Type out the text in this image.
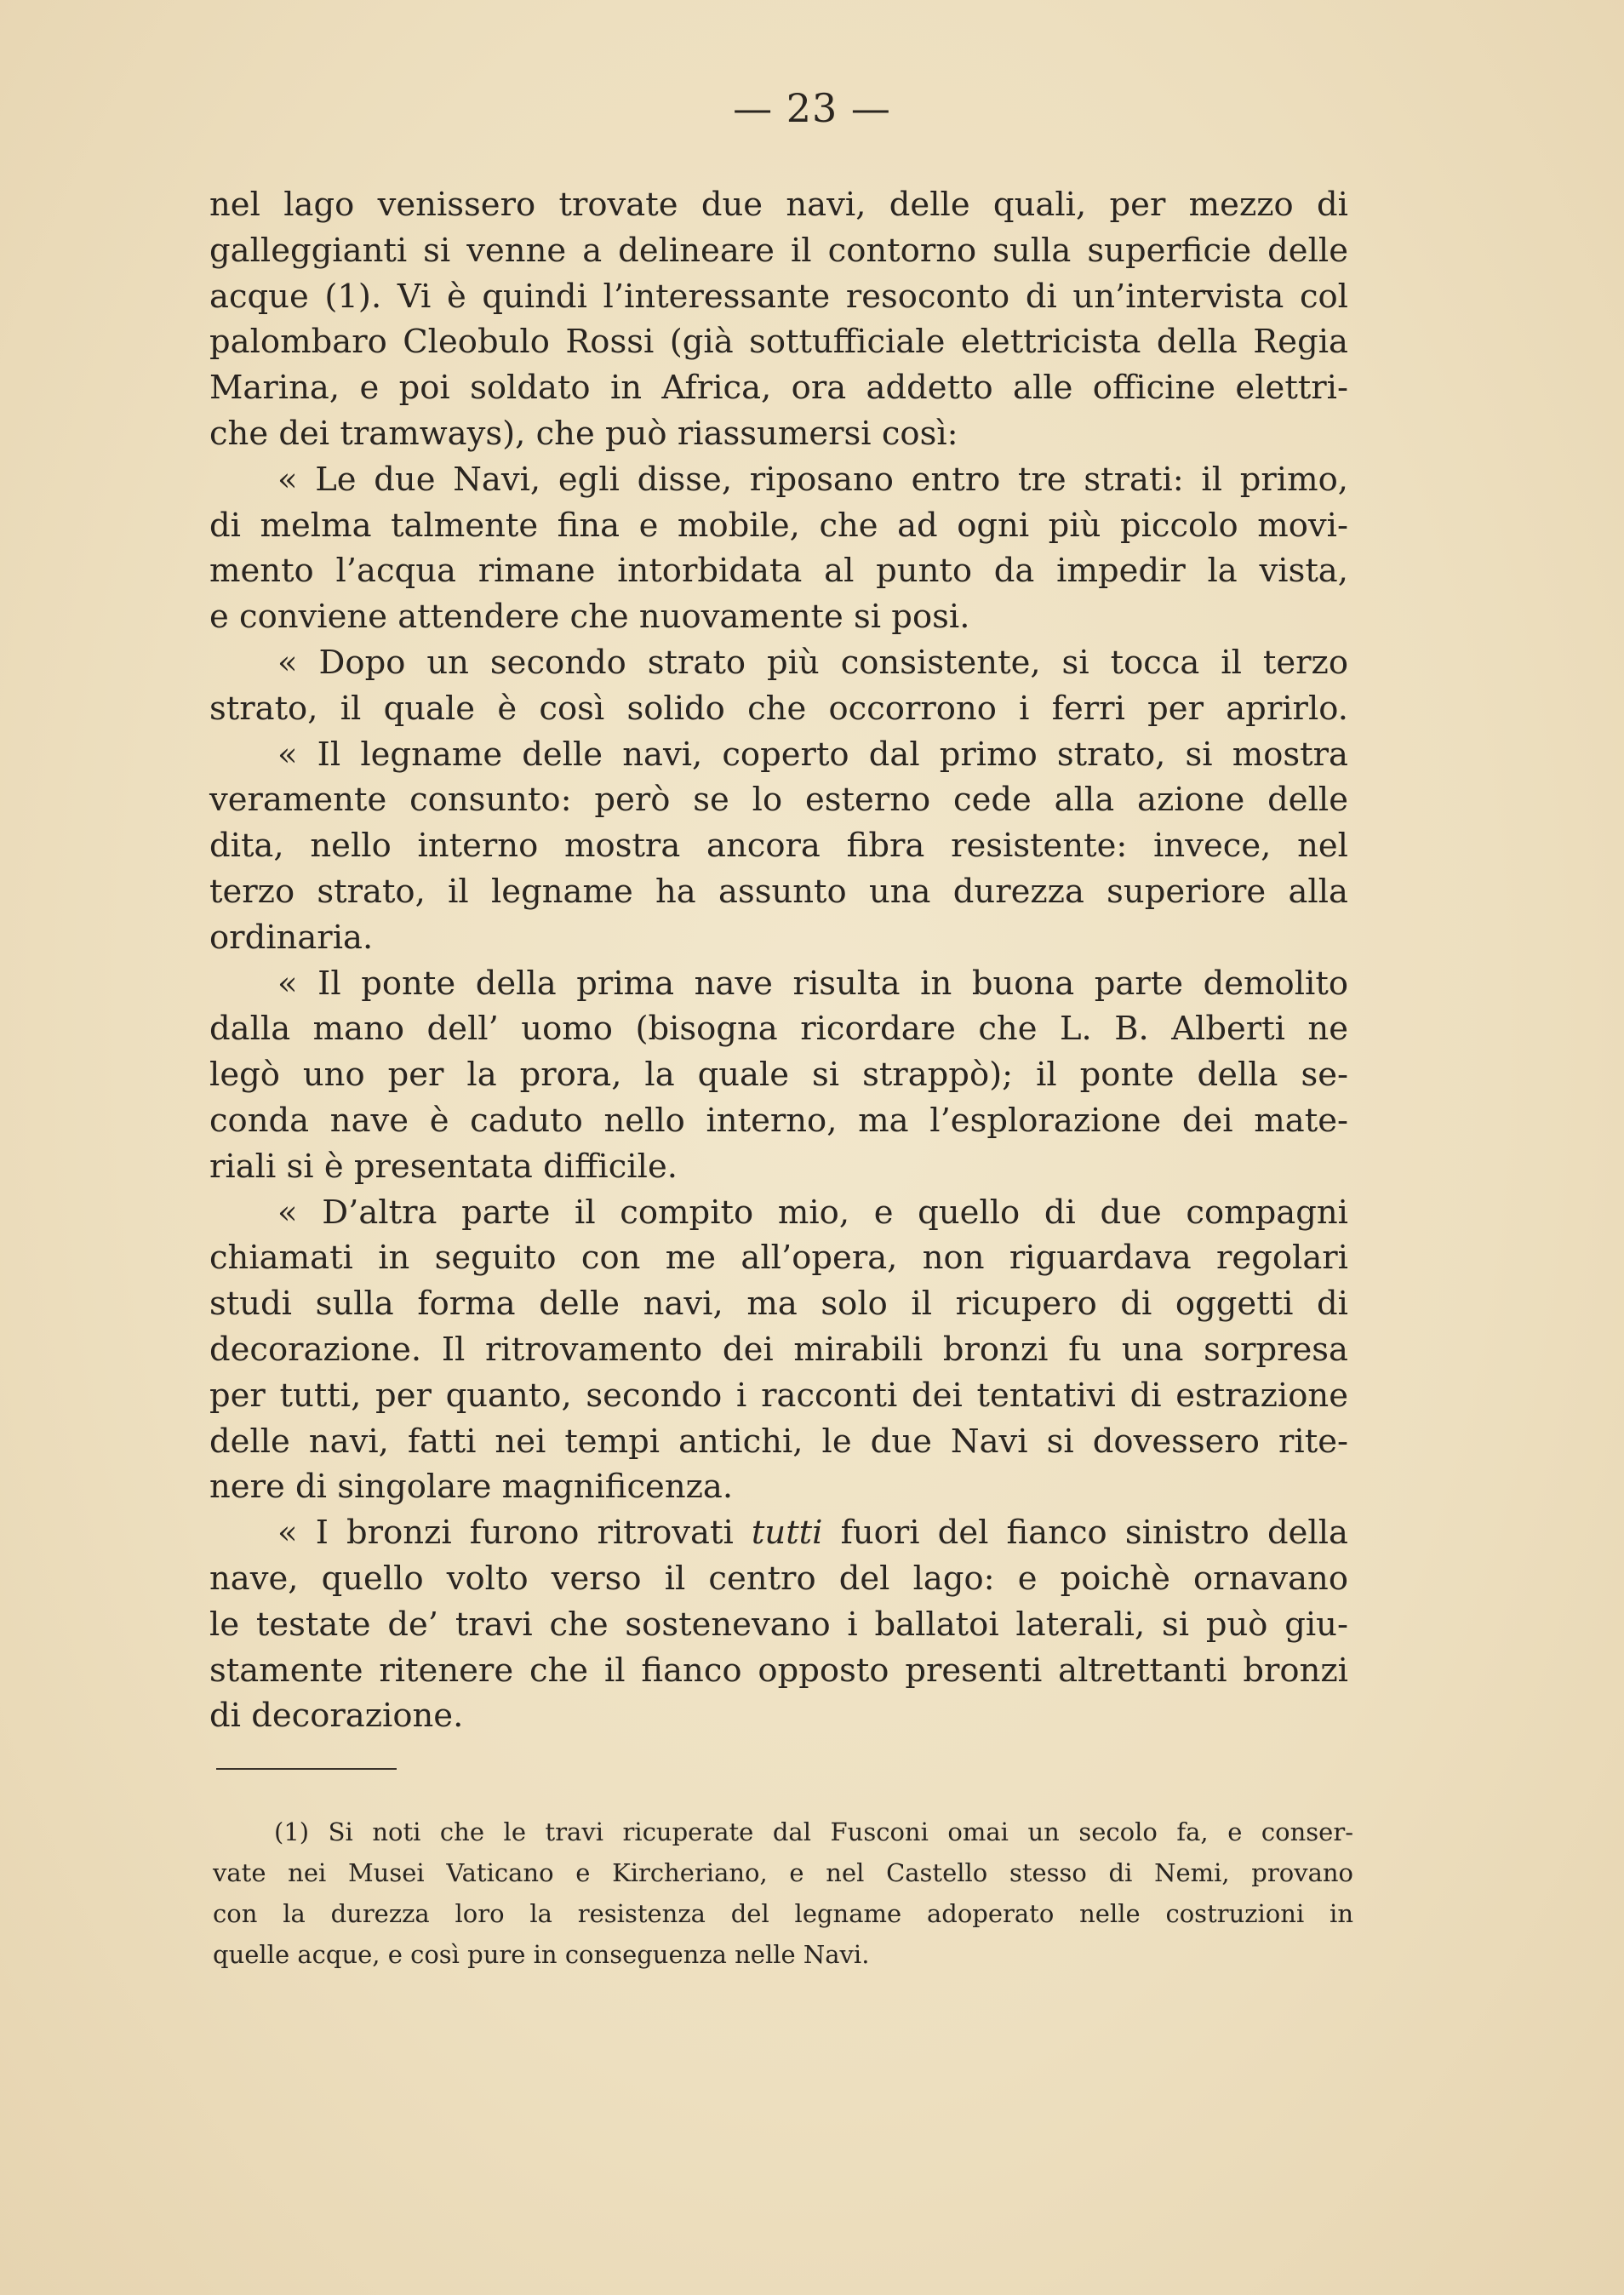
— 23 —
nel lago venissero trovate due navi, delle quali, per mezzo di
galleggianti si venne a delineare il contorno sulla superficie delle
acque (1). Vi è quindi l’interessante resoconto di un’intervista col
palombaro Cleobulo Rossi (già sottufficiale elettricista della Regia
Marina, e poi soldato in Africa, ora addetto alle officine elettri-
che dei tramways), che può riassumersi così:
« Le due Navi, egli disse, riposano entro tre strati: il primo,
di melma talmente fina e mobile, che ad ogni più piccolo movi-
mento l’acqua rimane intorbidata al punto da impedir la vista,
e conviene attendere che nuovamente si posi.
« Dopo un secondo strato più consistente, si tocca il terzo
strato, il quale è così solido che occorrono i ferri per aprirlo.
« Il legname delle navi, coperto dal primo strato, si mostra
veramente consunto: però se lo esterno cede alla azione delle
dita, nello interno mostra ancora fibra resistente: invece, nel
terzo strato, il legname ha assunto una durezza superiore alla
ordinaria.
« Il ponte della prima nave risulta in buona parte demolito
dalla mano dell’ uomo (bisogna ricordare che L. B. Alberti ne
legò uno per la prora, la quale si strappò); il ponte della se-
conda nave è caduto nello interno, ma l’esplorazione dei mate-
riali si è presentata difficile.
« D’altra parte il compito mio, e quello di due compagni
chiamati in seguito con me all’opera, non riguardava regolari
studi sulla forma delle navi, ma solo il ricupero di oggetti di
decorazione. Il ritrovamento dei mirabili bronzi fu una sorpresa
per tutti, per quanto, secondo i racconti dei tentativi di estrazione
delle navi, fatti nei tempi antichi, le due Navi si dovessero rite-
nere di singolare magnificenza.
« I bronzi furono ritrovati tutti fuori del fianco sinistro della
nave, quello volto verso il centro del lago: e poichè ornavano
le testate de’ travi che sostenevano i ballatoi laterali, si può giu-
stamente ritenere che il fianco opposto presenti altrettanti bronzi
di decorazione.
(1) Si noti che le travi ricuperate dal Fusconi omai un secolo fa, e conser-
vate nei Musei Vaticano e Kircheriano, e nel Castello stesso di Nemi, provano
con la durezza loro la resistenza del legname adoperato nelle costruzioni in
quelle acque, e così pure in conseguenza nelle Navi.
